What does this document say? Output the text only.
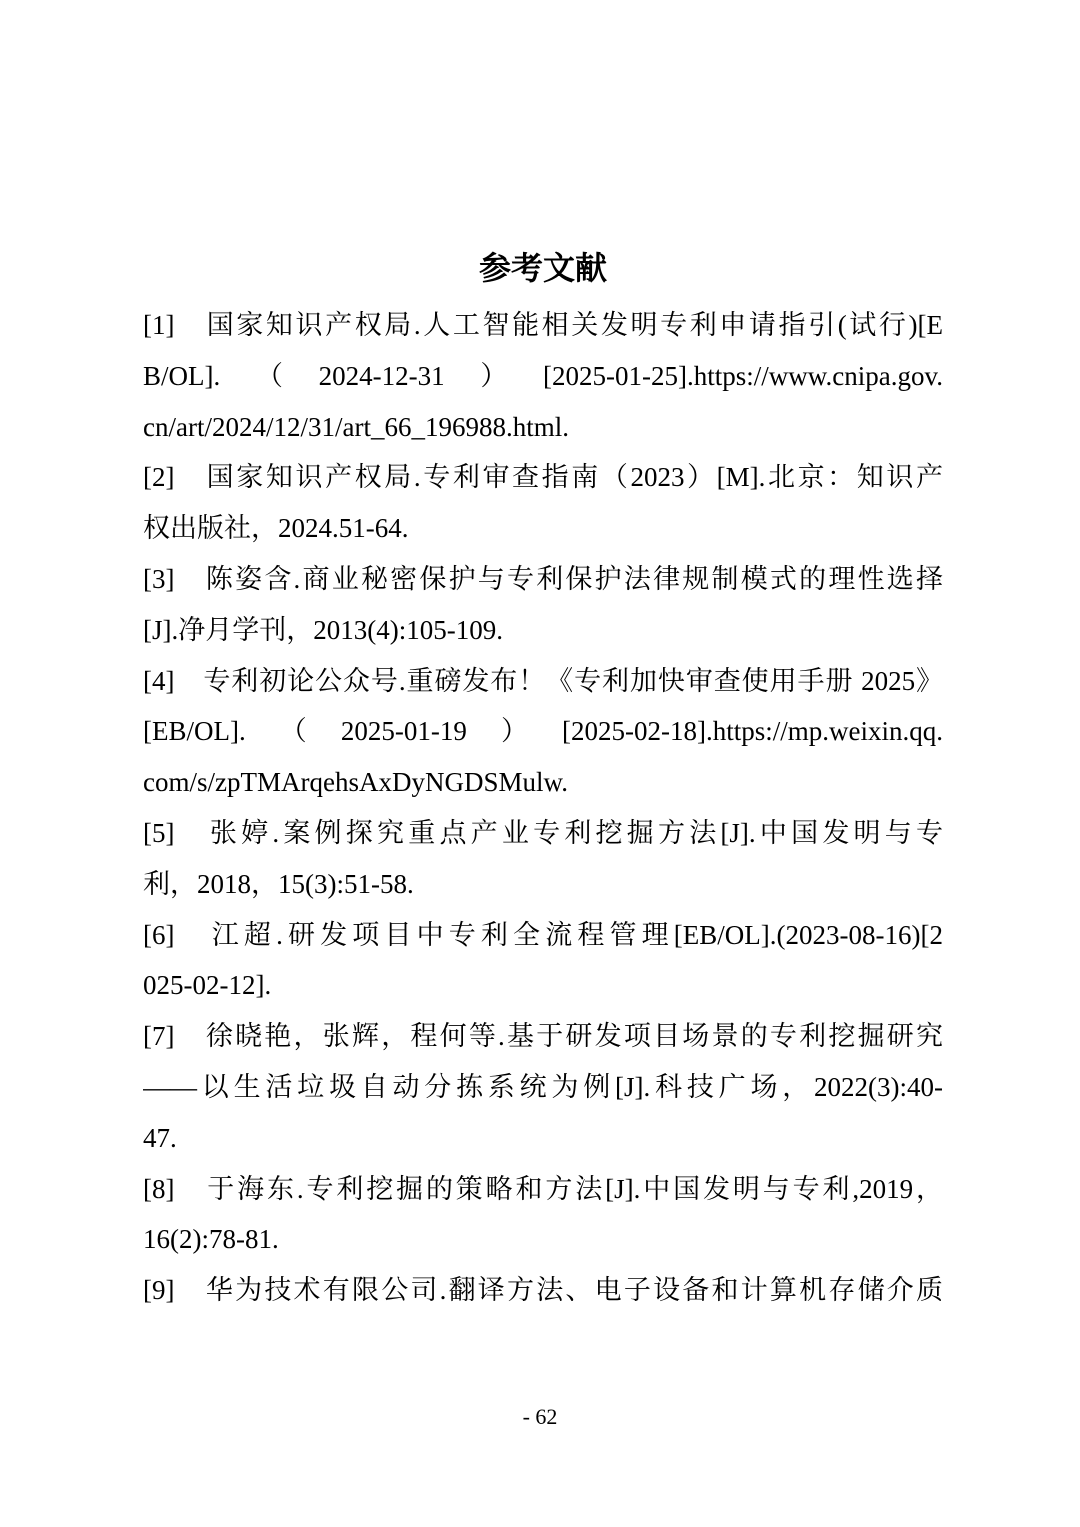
参考文献
[1]　国家知识产权局.人工智能相关发明专利申请指引(试行)[E
B/OL].（2024-12-31）[2025-01-25].https://www.cnipa.gov.
cn/art/2024/12/31/art_66_196988.html.
[2]　国家知识产权局.专利审查指南（2023）[M].北京：知识产
权出版社，2024.51-64.
[3]　陈姿含.商业秘密保护与专利保护法律规制模式的理性选择
[J].净月学刊，2013(4):105-109.
[4]　专利初论公众号.重磅发布！《专利加快审查使用手册 2025》
[EB/OL].（2025-01-19）[2025-02-18].https://mp.weixin.qq.
com/s/zpTMArqehsAxDyNGDSMulw.
[5]　张婷.案例探究重点产业专利挖掘方法[J].中国发明与专
利，2018，15(3):51-58.
[6]　江超.研发项目中专利全流程管理[EB/OL].(2023-08-16)[2
025-02-12].
[7]　徐晓艳，张辉，程何等.基于研发项目场景的专利挖掘研究
——以生活垃圾自动分拣系统为例[J].科技广场，2022(3):40-
47.
[8]　于海东.专利挖掘的策略和方法[J].中国发明与专利,2019，
16(2):78-81.
[9]　华为技术有限公司.翻译方法、电子设备和计算机存储介质
- 62
